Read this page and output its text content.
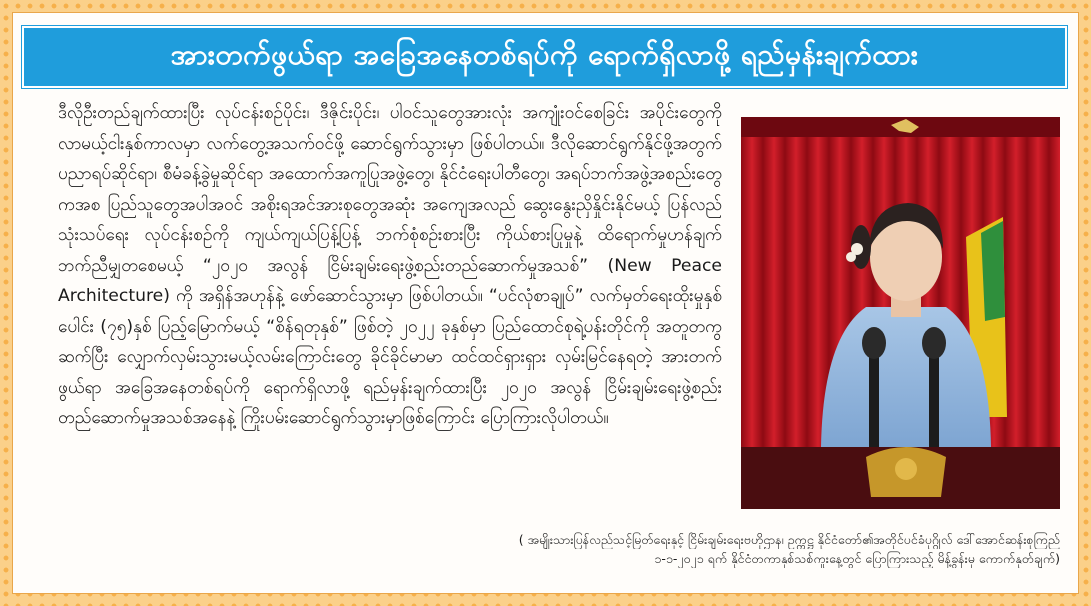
အားတက်ဖွယ်ရာ အခြေအနေတစ်ရပ်ကို ရောက်ရှိလာဖို့ ရည်မှန်းချက်ထား

ဒီလိုဦးတည်ချက်ထားပြီး လုပ်ငန်းစဉ်ပိုင်း၊ ဒီဇိုင်းပိုင်း၊ ပါဝင်သူတွေအားလုံး အကျုံးဝင်စေခြင်း အပိုင်းတွေကို လာမယ့်ငါးနှစ်ကာလမှာ လက်တွေ့အသက်ဝင်ဖို့ ဆောင်ရွက်သွားမှာ ဖြစ်ပါတယ်။ ဒီလိုဆောင်ရွက်နိုင်ဖို့အတွက် ပညာရပ်ဆိုင်ရာ၊ စီမံခန့်ခွဲမှုဆိုင်ရာ အထောက်အကူပြုအဖွဲ့တွေ၊ နိုင်ငံရေးပါတီတွေ၊ အရပ်ဘက်အဖွဲ့အစည်းတွေကအစ ပြည်သူတွေအပါအဝင် အစိုးရအင်အားစုတွေအဆုံး အကျေအလည် ဆွေးနွေးညှိနှိုင်းနိုင်မယ့် ပြန်လည်သုံးသပ်ရေး လုပ်ငန်းစဉ်ကို ကျယ်ကျယ်ပြန့်ပြန့် ဘက်စုံစဉ်းစားပြီး ကိုယ်စားပြုမှုနဲ့ ထိရောက်မှုဟန်ချက် ဘက်ညီမျှတစေမယ့် “၂၀၂၀ အလွန် ငြိမ်းချမ်းရေးဖွဲ့စည်းတည်ဆောက်မှုအသစ်” (New Peace Architecture) ကို အရှိန်အဟုန်နဲ့ ဖော်ဆောင်သွားမှာ ဖြစ်ပါတယ်။ “ပင်လုံစာချုပ်” လက်မှတ်ရေးထိုးမှုနှစ်ပေါင်း (၇၅)နှစ် ပြည့်မြောက်မယ့် “စိန်ရတုနှစ်” ဖြစ်တဲ့ ၂၀၂၂ ခုနှစ်မှာ ပြည်ထောင်စုရဲ့ပန်းတိုင်ကို အတူတကွဆက်ပြီး လျှောက်လှမ်းသွားမယ့်လမ်းကြောင်းတွေ ခိုင်ခိုင်မာမာ ထင်ထင်ရှားရှား လှမ်းမြင်နေရတဲ့ အားတက်ဖွယ်ရာ အခြေအနေတစ်ရပ်ကို ရောက်ရှိလာဖို့ ရည်မှန်းချက်ထားပြီး ၂၀၂၀ အလွန် ငြိမ်းချမ်းရေးဖွဲ့စည်းတည်ဆောက်မှုအသစ်အနေနဲ့ ကြိုးပမ်းဆောင်ရွက်သွားမှာဖြစ်ကြောင်း ပြောကြားလိုပါတယ်။

( အမျိုးသားပြန်လည်သင့်မြတ်ရေးနှင့် ငြိမ်းချမ်းရေးဗဟိုဌာန၊ ဥက္ကဋ္ဌ နိုင်ငံတော်၏အတိုင်ပင်ခံပုဂ္ဂိုလ် ဒေါ်အောင်ဆန်းစုကြည်
၁-၁-၂၀၂၁ ရက် နိုင်ငံတကာနှစ်သစ်ကူးနေ့တွင် ပြောကြားသည့် မိန့်ခွန်းမှ ကောက်နုတ်ချက်)
